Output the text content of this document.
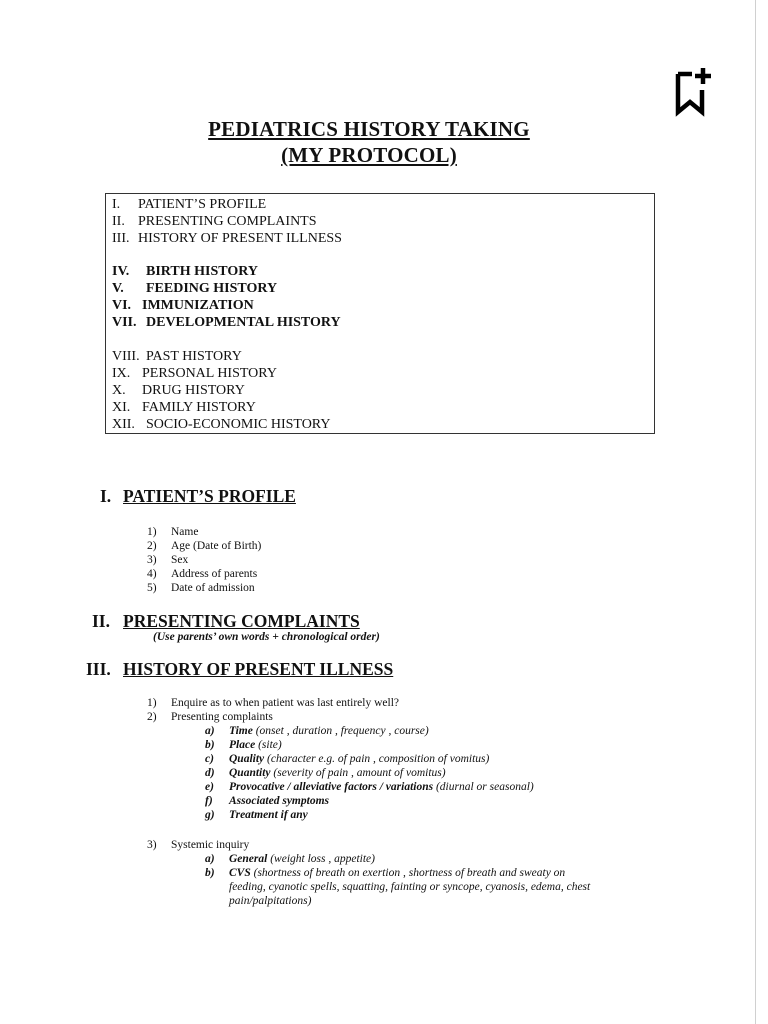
PEDIATRICS HISTORY TAKING
(MY PROTOCOL)
I. PATIENT’S PROFILE
II. PRESENTING COMPLAINTS
III. HISTORY OF PRESENT ILLNESS
IV. BIRTH HISTORY
V. FEEDING HISTORY
VI. IMMUNIZATION
VII. DEVELOPMENTAL HISTORY
VIII. PAST HISTORY
IX. PERSONAL HISTORY
X. DRUG HISTORY
XI. FAMILY HISTORY
XII. SOCIO-ECONOMIC HISTORY
I. PATIENT’S PROFILE
1) Name
2) Age (Date of Birth)
3) Sex
4) Address of parents
5) Date of admission
II. PRESENTING COMPLAINTS
(Use parents’ own words + chronological order)
III. HISTORY OF PRESENT ILLNESS
1) Enquire as to when patient was last entirely well?
2) Presenting complaints
a) Time (onset , duration , frequency , course)
b) Place (site)
c) Quality (character e.g. of pain , composition of vomitus)
d) Quantity (severity of pain , amount of vomitus)
e) Provocative / alleviative factors / variations (diurnal or seasonal)
f) Associated symptoms
g) Treatment if any
3) Systemic inquiry
a) General (weight loss , appetite)
b) CVS (shortness of breath on exertion , shortness of breath and sweaty on
feeding, cyanotic spells, squatting, fainting or syncope, cyanosis, edema, chest
pain/palpitations)
